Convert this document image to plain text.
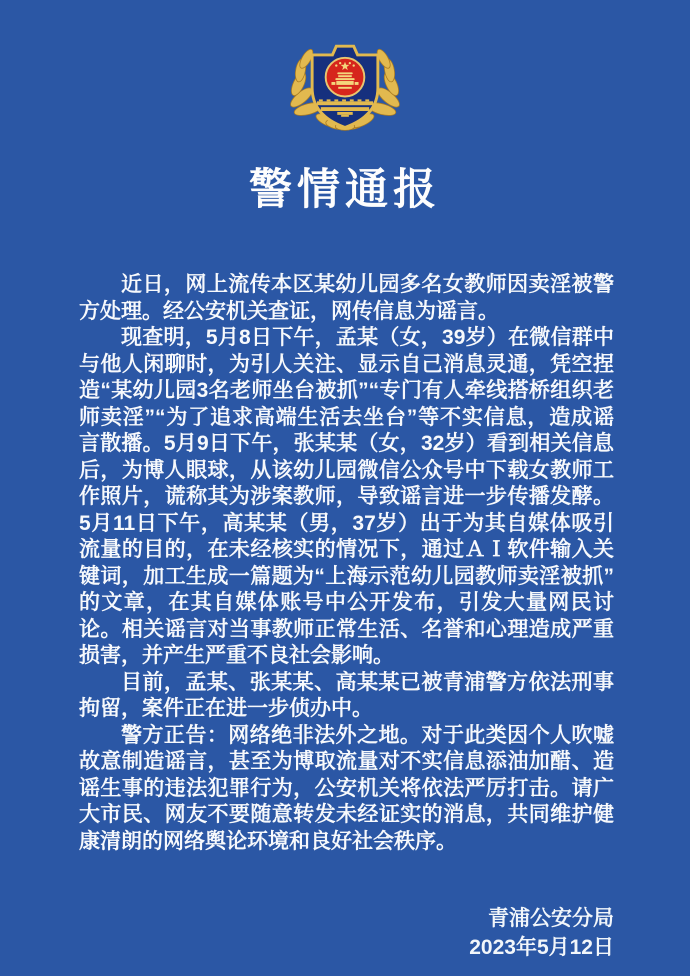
警情通报

近日，网上流传本区某幼儿园多名女教师因卖淫被警方处理。经公安机关查证，网传信息为谣言。

现查明，5月8日下午，孟某（女，39岁）在微信群中与他人闲聊时，为引人关注、显示自己消息灵通，凭空捏造“某幼儿园3名老师坐台被抓”“专门有人牵线搭桥组织老师卖淫”“为了追求高端生活去坐台”等不实信息，造成谣言散播。5月9日下午，张某某（女，32岁）看到相关信息后，为博人眼球，从该幼儿园微信公众号中下载女教师工作照片，谎称其为涉案教师，导致谣言进一步传播发酵。5月11日下午，高某某（男，37岁）出于为其自媒体吸引流量的目的，在未经核实的情况下，通过ＡＩ软件输入关键词，加工生成一篇题为“上海示范幼儿园教师卖淫被抓”的文章，在其自媒体账号中公开发布，引发大量网民讨论。相关谣言对当事教师正常生活、名誉和心理造成严重损害，并产生严重不良社会影响。

目前，孟某、张某某、高某某已被青浦警方依法刑事拘留，案件正在进一步侦办中。

警方正告：网络绝非法外之地。对于此类因个人吹嘘故意制造谣言，甚至为博取流量对不实信息添油加醋、造谣生事的违法犯罪行为，公安机关将依法严厉打击。请广大市民、网友不要随意转发未经证实的消息，共同维护健康清朗的网络舆论环境和良好社会秩序。

青浦公安分局
2023年5月12日
